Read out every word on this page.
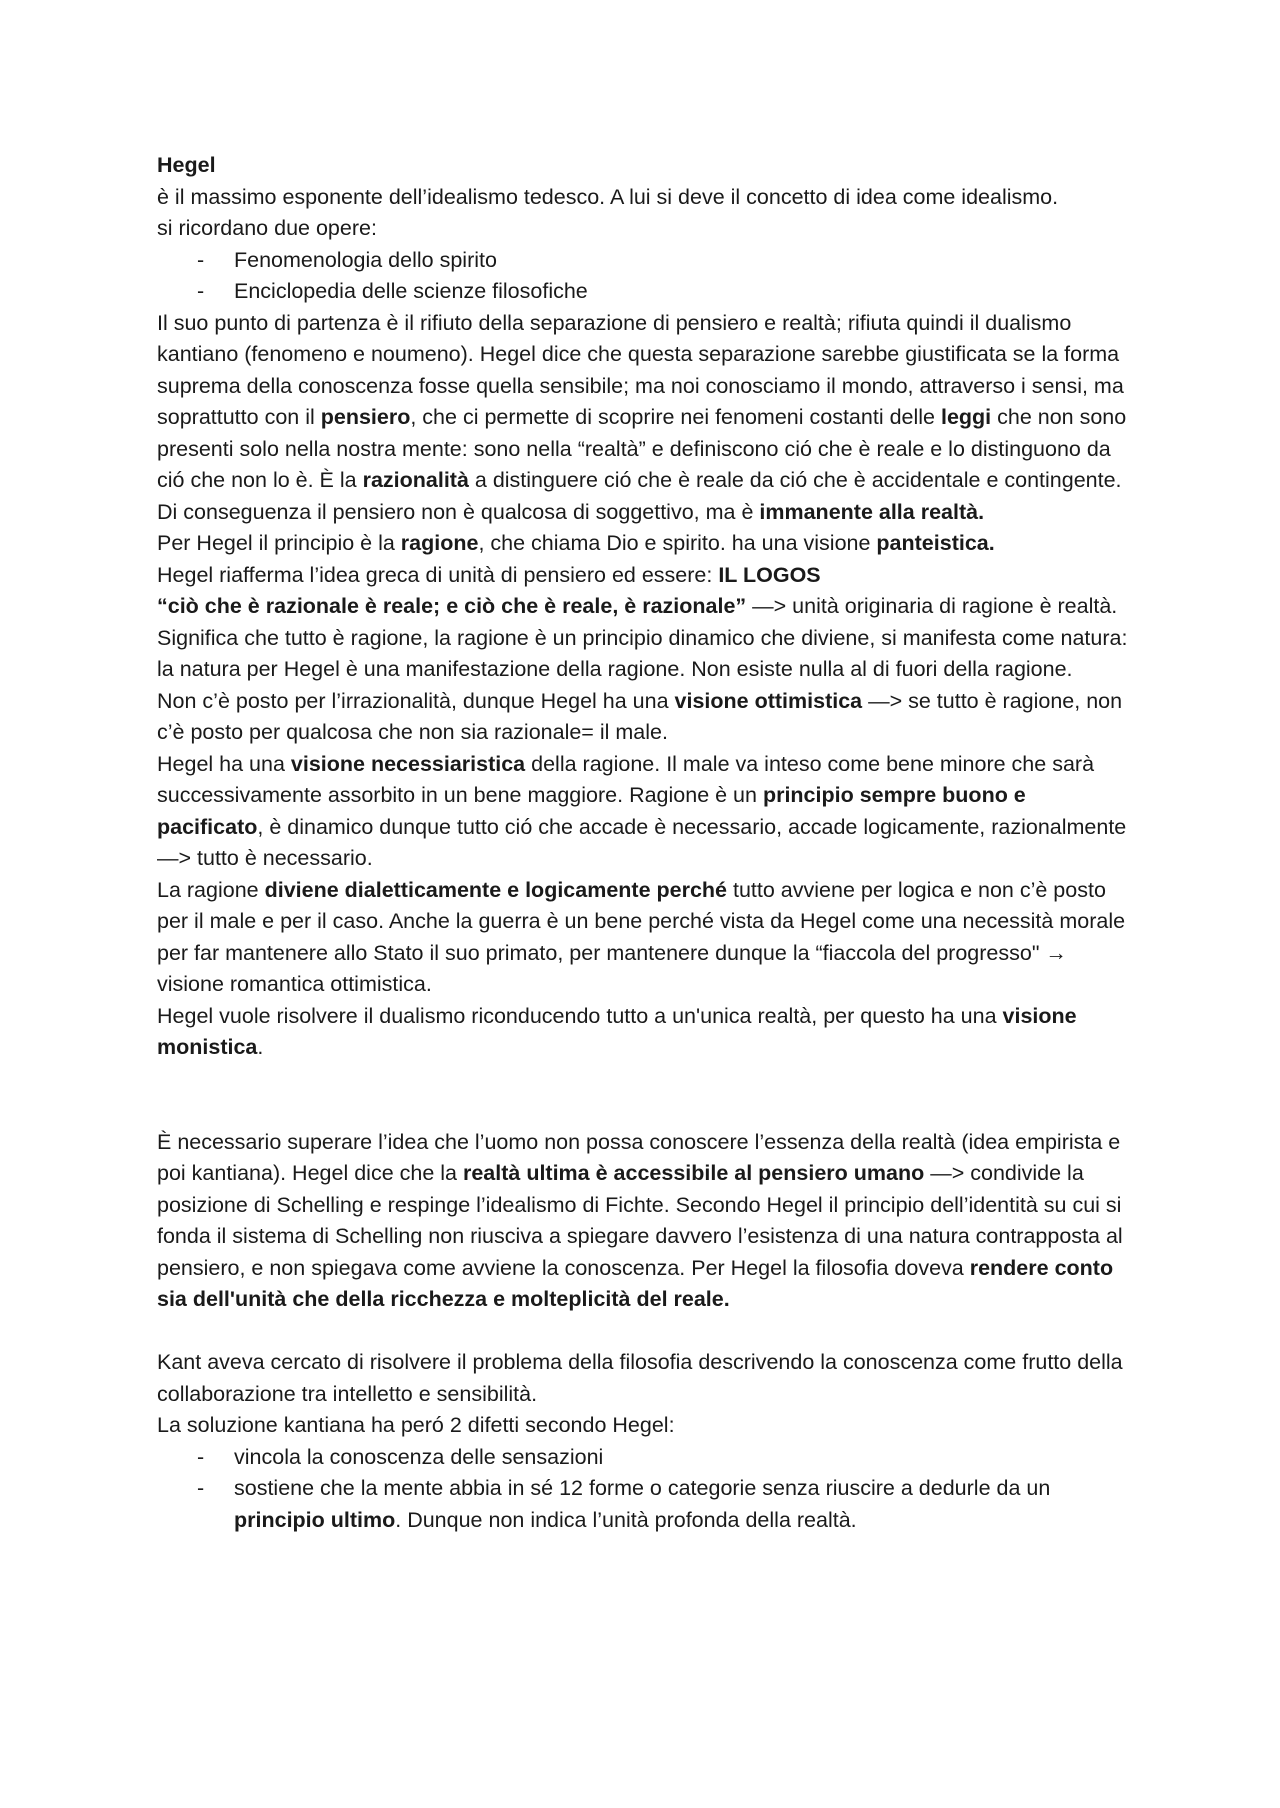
Hegel

è il massimo esponente dell’idealismo tedesco. A lui si deve il concetto di idea come idealismo.

si ricordano due opere:

- Fenomenologia dello spirito
- Enciclopedia delle scienze filosofiche

Il suo punto di partenza è il rifiuto della separazione di pensiero e realtà; rifiuta quindi il dualismo kantiano (fenomeno e noumeno). Hegel dice che questa separazione sarebbe giustificata se la forma suprema della conoscenza fosse quella sensibile; ma noi conosciamo il mondo, attraverso i sensi, ma soprattutto con il pensiero, che ci permette di scoprire nei fenomeni costanti delle leggi che non sono presenti solo nella nostra mente: sono nella “realtà” e definiscono ció che è reale e lo distinguono da ció che non lo è. È la razionalità a distinguere ció che è reale da ció che è accidentale e contingente. Di conseguenza il pensiero non è qualcosa di soggettivo, ma è immanente alla realtà.

Per Hegel il principio è la ragione, che chiama Dio e spirito. ha una visione panteistica.

Hegel riafferma l’idea greca di unità di pensiero ed essere: IL LOGOS

“ciò che è razionale è reale; e ciò che è reale, è razionale” —> unità originaria di ragione è realtà. Significa che tutto è ragione, la ragione è un principio dinamico che diviene, si manifesta come natura: la natura per Hegel è una manifestazione della ragione. Non esiste nulla al di fuori della ragione.

Non c’è posto per l’irrazionalità, dunque Hegel ha una visione ottimistica —> se tutto è ragione, non c’è posto per qualcosa che non sia razionale= il male.

Hegel ha una visione necessiaristica della ragione. Il male va inteso come bene minore che sarà successivamente assorbito in un bene maggiore. Ragione è un principio sempre buono e pacificato, è dinamico dunque tutto ció che accade è necessario, accade logicamente, razionalmente—> tutto è necessario.

La ragione diviene dialetticamente e logicamente perché tutto avviene per logica e non c’è posto per il male e per il caso. Anche la guerra è un bene perché vista da Hegel come una necessità morale per far mantenere allo Stato il suo primato, per mantenere dunque la “fiaccola del progresso" → visione romantica ottimistica.

Hegel vuole risolvere il dualismo riconducendo tutto a un'unica realtà, per questo ha una visione monistica.

È necessario superare l’idea che l’uomo non possa conoscere l’essenza della realtà (idea empirista e poi kantiana). Hegel dice che la realtà ultima è accessibile al pensiero umano —> condivide la posizione di Schelling e respinge l’idealismo di Fichte. Secondo Hegel il principio dell’identità su cui si fonda il sistema di Schelling non riusciva a spiegare davvero l’esistenza di una natura contrapposta al

pensiero, e non spiegava come avviene la conoscenza. Per Hegel la filosofia doveva rendere conto sia dell'unità che della ricchezza e molteplicità del reale.

Kant aveva cercato di risolvere il problema della filosofia descrivendo la conoscenza come frutto della collaborazione tra intelletto e sensibilità.

La soluzione kantiana ha peró 2 difetti secondo Hegel:

- vincola la conoscenza delle sensazioni
- sostiene che la mente abbia in sé 12 forme o categorie senza riuscire a dedurle da un principio ultimo. Dunque non indica l’unità profonda della realtà.
